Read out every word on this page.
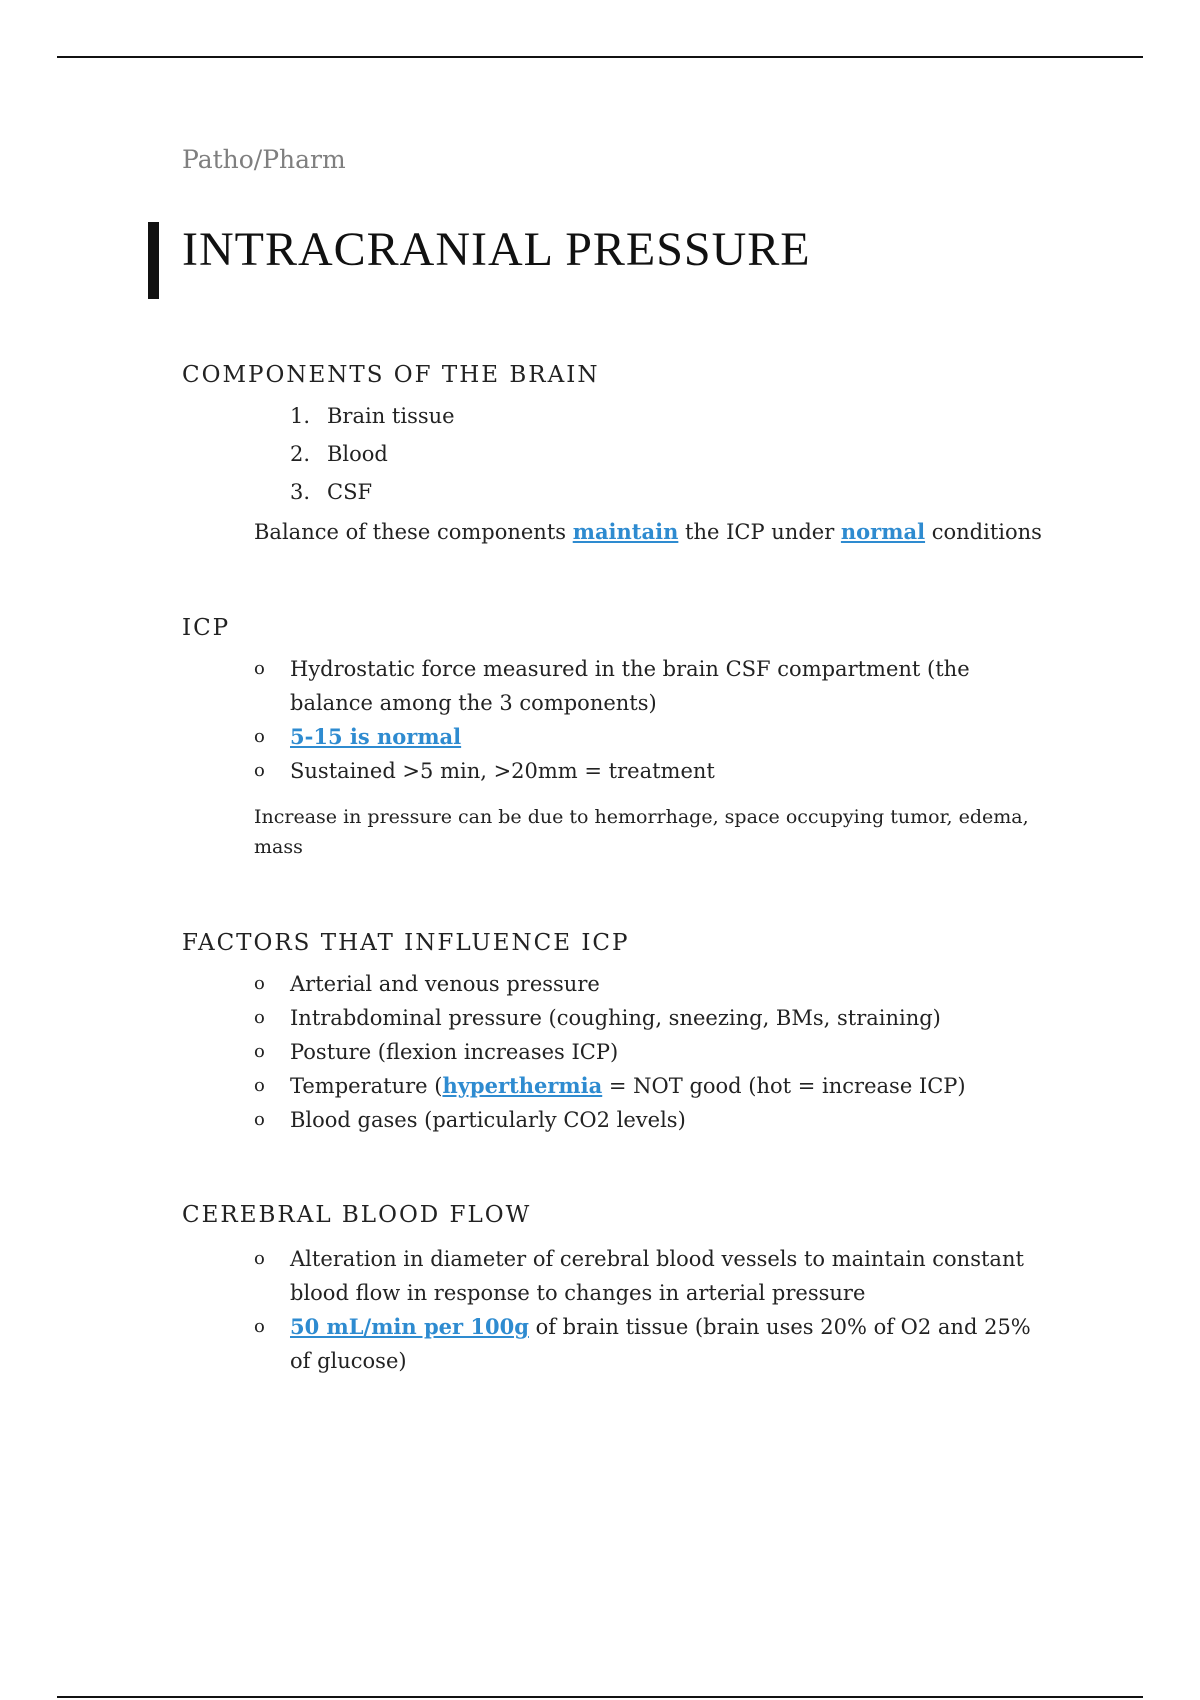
Patho/Pharm
INTRACRANIAL PRESSURE
COMPONENTS OF THE BRAIN
1. Brain tissue
2. Blood
3. CSF
Balance of these components maintain the ICP under normal conditions
ICP
o Hydrostatic force measured in the brain CSF compartment (the balance among the 3 components)
o 5-15 is normal
o Sustained >5 min, >20mm = treatment
Increase in pressure can be due to hemorrhage, space occupying tumor, edema, mass
FACTORS THAT INFLUENCE ICP
o Arterial and venous pressure
o Intrabdominal pressure (coughing, sneezing, BMs, straining)
o Posture (flexion increases ICP)
o Temperature (hyperthermia = NOT good (hot = increase ICP)
o Blood gases (particularly CO2 levels)
CEREBRAL BLOOD FLOW
o Alteration in diameter of cerebral blood vessels to maintain constant blood flow in response to changes in arterial pressure
o 50 mL/min per 100g of brain tissue (brain uses 20% of O2 and 25% of glucose)
